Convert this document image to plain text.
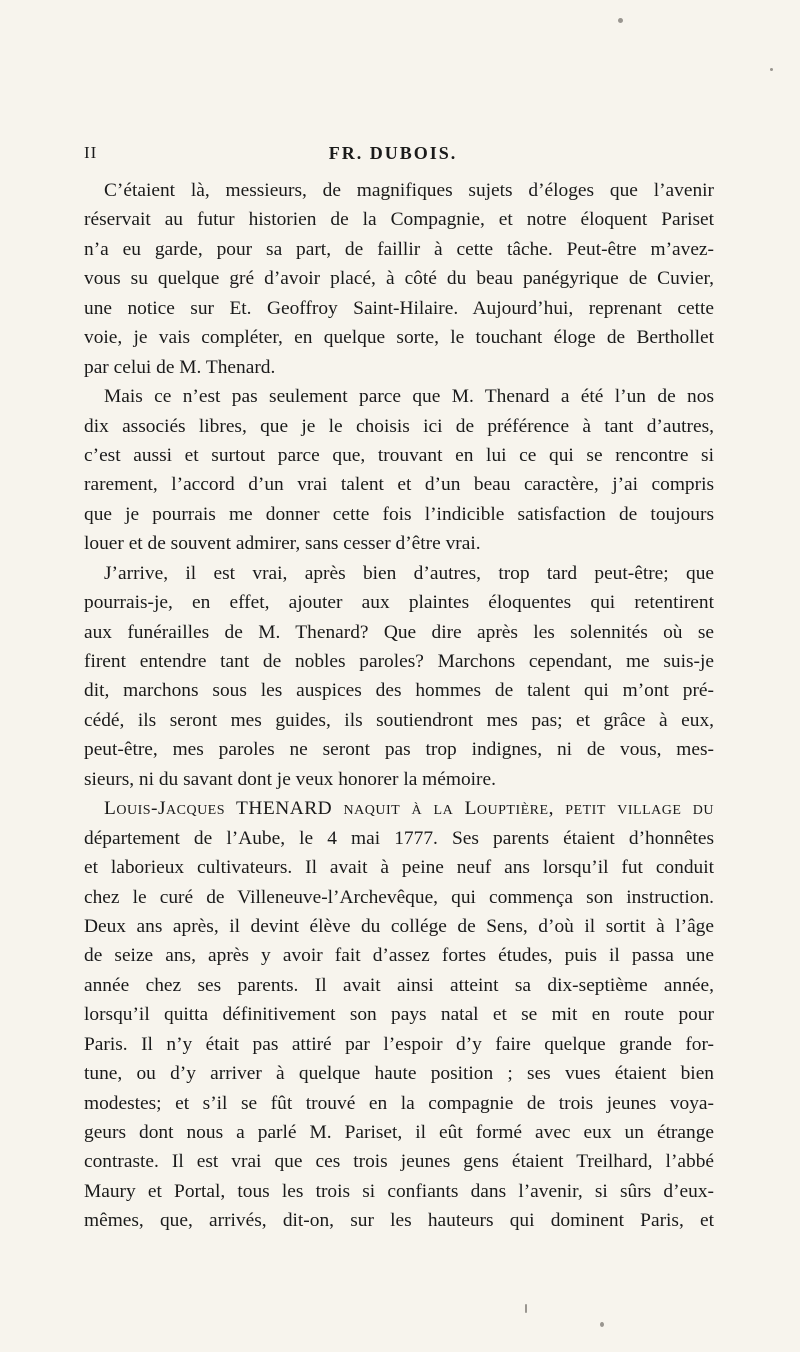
II	FR. DUBOIS.
C’étaient là, messieurs, de magnifiques sujets d’éloges que l’avenir
réservait au futur historien de la Compagnie, et notre éloquent Pariset
n’a eu garde, pour sa part, de faillir à cette tâche. Peut-être m’avez-
vous su quelque gré d’avoir placé, à côté du beau panégyrique de Cuvier,
une notice sur Et. Geoffroy Saint-Hilaire. Aujourd’hui, reprenant cette
voie, je vais compléter, en quelque sorte, le touchant éloge de Berthollet
par celui de M. Thenard.
Mais ce n’est pas seulement parce que M. Thenard a été l’un de nos
dix associés libres, que je le choisis ici de préférence à tant d’autres,
c’est aussi et surtout parce que, trouvant en lui ce qui se rencontre si
rarement, l’accord d’un vrai talent et d’un beau caractère, j’ai compris
que je pourrais me donner cette fois l’indicible satisfaction de toujours
louer et de souvent admirer, sans cesser d’être vrai.
J’arrive, il est vrai, après bien d’autres, trop tard peut-être; que
pourrais-je, en effet, ajouter aux plaintes éloquentes qui retentirent
aux funérailles de M. Thenard? Que dire après les solennités où se
firent entendre tant de nobles paroles? Marchons cependant, me suis-je
dit, marchons sous les auspices des hommes de talent qui m’ont pré-
cédé, ils seront mes guides, ils soutiendront mes pas; et grâce à eux,
peut-être, mes paroles ne seront pas trop indignes, ni de vous, mes-
sieurs, ni du savant dont je veux honorer la mémoire.
Louis-Jacques THENARD naquit à la Louptière, petit village du
département de l’Aube, le 4 mai 1777. Ses parents étaient d’honnêtes
et laborieux cultivateurs. Il avait à peine neuf ans lorsqu’il fut conduit
chez le curé de Villeneuve-l’Archevêque, qui commença son instruction.
Deux ans après, il devint élève du collége de Sens, d’où il sortit à l’âge
de seize ans, après y avoir fait d’assez fortes études, puis il passa une
année chez ses parents. Il avait ainsi atteint sa dix-septième année,
lorsqu’il quitta définitivement son pays natal et se mit en route pour
Paris. Il n’y était pas attiré par l’espoir d’y faire quelque grande for-
tune, ou d’y arriver à quelque haute position ; ses vues étaient bien
modestes; et s’il se fût trouvé en la compagnie de trois jeunes voya-
geurs dont nous a parlé M. Pariset, il eût formé avec eux un étrange
contraste. Il est vrai que ces trois jeunes gens étaient Treilhard, l’abbé
Maury et Portal, tous les trois si confiants dans l’avenir, si sûrs d’eux-
mêmes, que, arrivés, dit-on, sur les hauteurs qui dominent Paris, et
